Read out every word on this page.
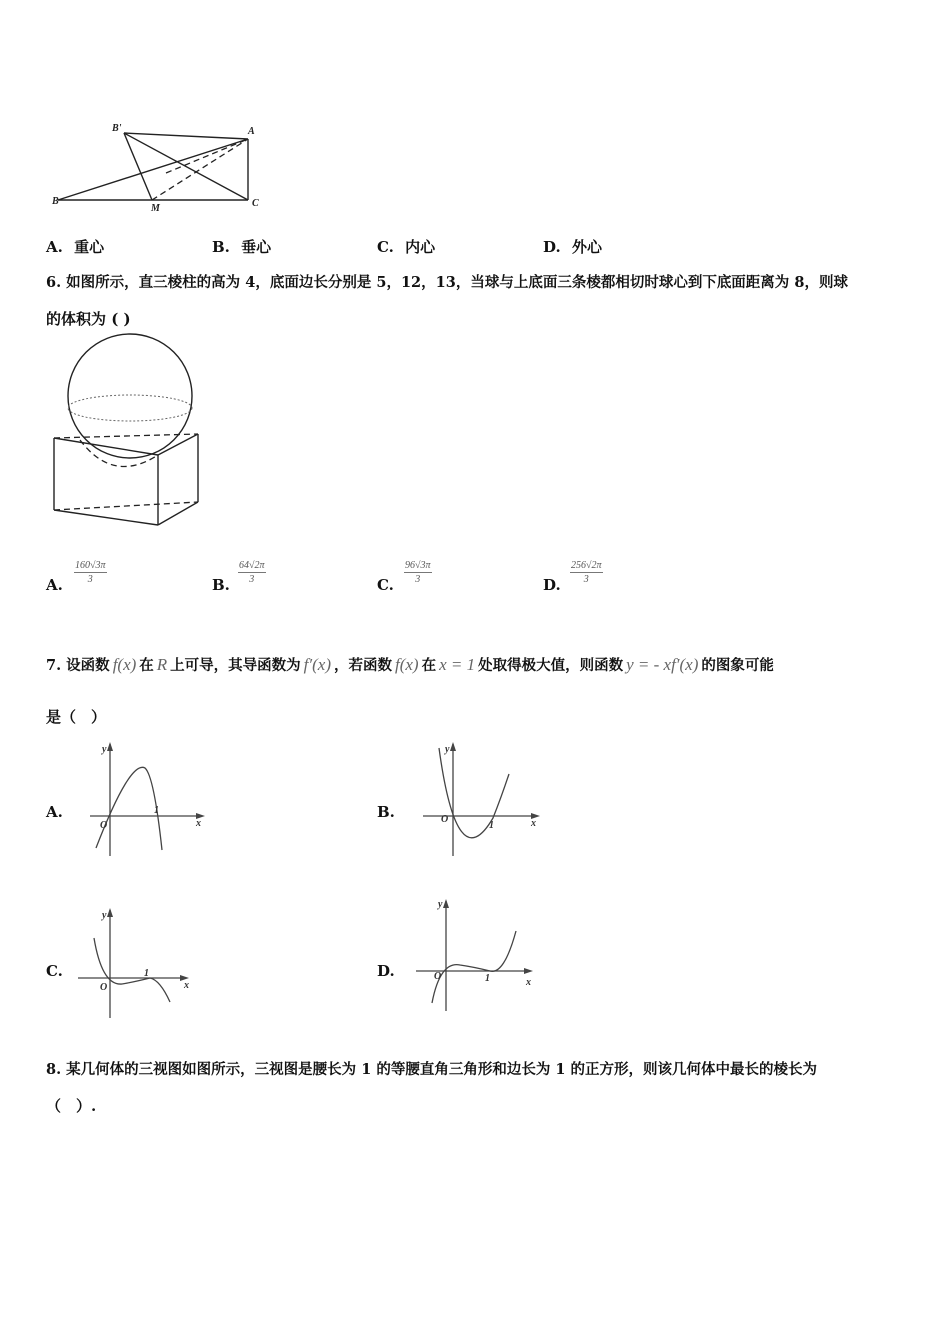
B'	A
B
M	C
A. 重心	B. 垂心	C. 内心	D. 外心
6. 如图所示，直三棱柱的高为 4，底面边长分别是 5，12，13，当球与上底面三条棱都相切时球心到下底面距离为 8，则球
的体积为 ( )
A. $\frac{160√3\pi}{3}$	B. $\frac{64√2\pi}{3}$	C. $\frac{96√3\pi}{3}$	D. $\frac{256√2\pi}{3}$
7. 设函数 f(x) 在 R 上可导，其导函数为 f′(x) ，若函数 f(x) 在 x = 1 处取得极大值，则函数 y = - xf′(x) 的图象可能
是（　）
A.
y
x
O
1	B.
y
x
O
1
C.
y
x
O
1	D.
y
x
O	1
8. 某几何体的三视图如图所示，三视图是腰长为 1 的等腰直角三角形和边长为 1 的正方形，则该几何体中最长的棱长为
（　）.
